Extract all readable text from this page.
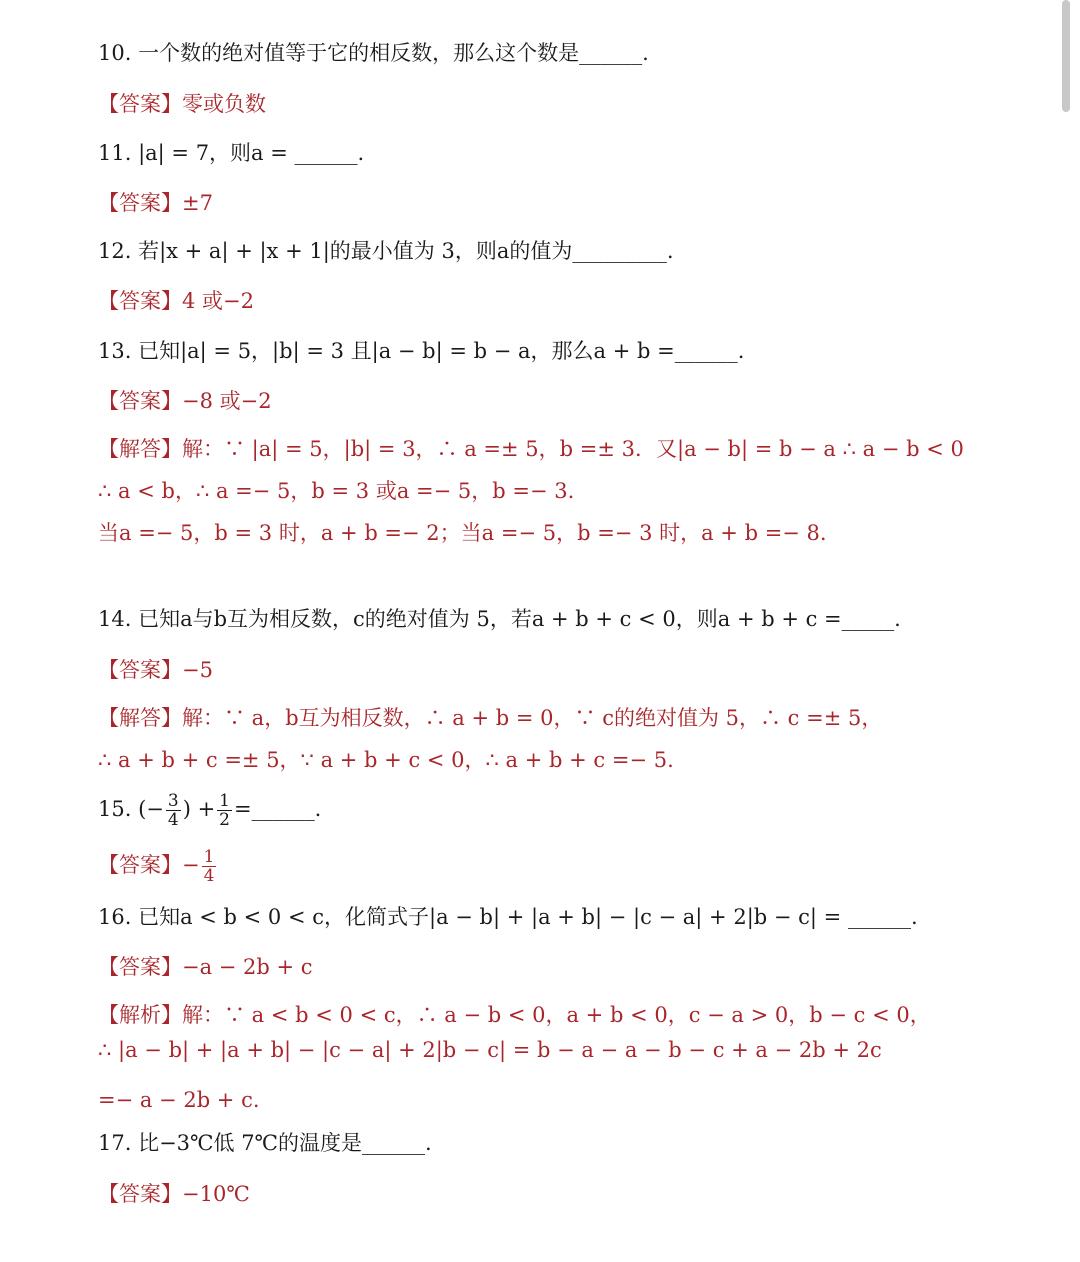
10. 一个数的绝对值等于它的相反数，那么这个数是______.
【答案】零或负数
11. |a| = 7，则a = ______.
【答案】±7
12. 若|x + a| + |x + 1|的最小值为 3，则a的值为_________.
【答案】4 或−2
13. 已知|a| = 5，|b| = 3 且|a − b| = b − a，那么a + b =______.
【答案】−8 或−2
【解答】解：∵ |a| = 5，|b| = 3，∴ a =± 5，b =± 3．又|a − b| = b − a ∴ a − b < 0
∴ a < b，∴ a =− 5，b = 3 或a =− 5，b =− 3.
当a =− 5，b = 3 时，a + b =− 2；当a =− 5，b =− 3 时，a + b =− 8.
14. 已知a与b互为相反数，c的绝对值为 5，若a + b + c < 0，则a + b + c =_____.
【答案】−5
【解答】解：∵ a，b互为相反数，∴ a + b = 0，∵ c的绝对值为 5，∴ c =± 5，
∴ a + b + c =± 5，∵ a + b + c < 0，∴ a + b + c =− 5.
15. (− $\frac{3}{4}$ ) + $\frac{1}{2}$ =______.
【答案】− $\frac{1}{4}$
16. 已知a < b < 0 < c，化简式子|a − b| + |a + b| − |c − a| + 2|b − c| = ______.
【答案】−a − 2b + c
【解析】解：∵ a < b < 0 < c，∴ a − b < 0，a + b < 0，c − a > 0，b − c < 0，
∴ |a − b| + |a + b| − |c − a| + 2|b − c| = b − a − a − b − c + a − 2b + 2c
=− a − 2b + c.
17. 比−3℃低 7℃的温度是______.
【答案】−10℃
